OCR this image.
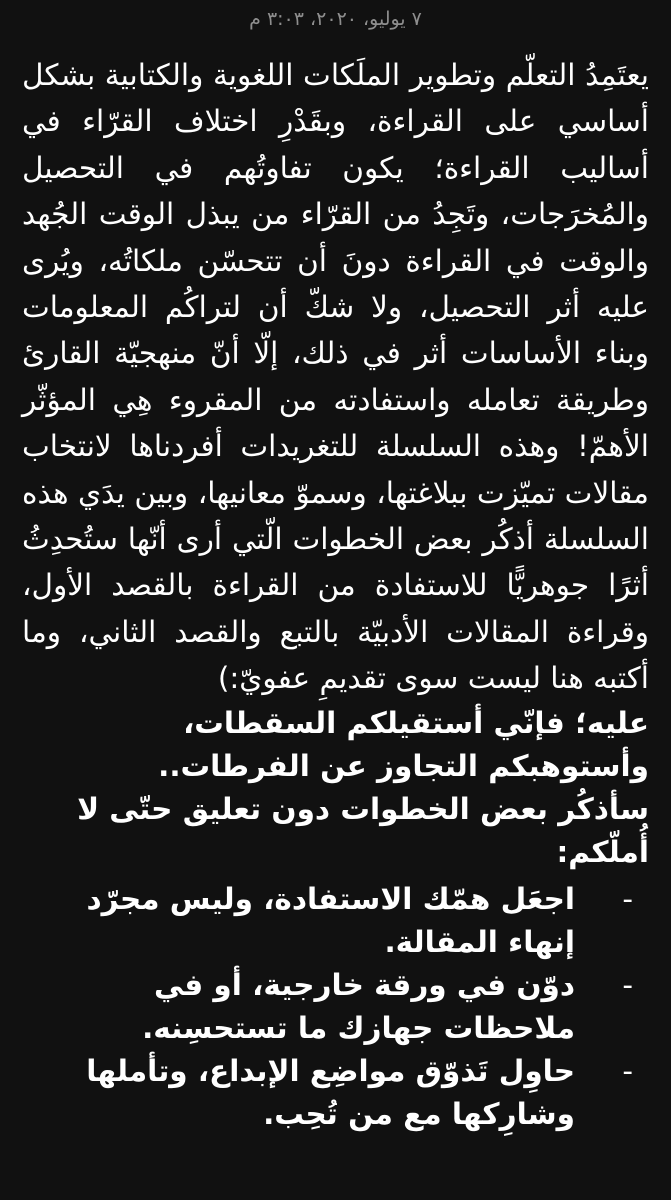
٧ يوليو، ٢٠٢٠، ٣:٠٣ م

يعتَمِدُ التعلّم وتطوير الملَكات اللغوية والكتابية بشكل أساسي على القراءة، وبقَدْرِ اختلاف القرّاء في أساليب القراءة؛ يكون تفاوتُهم في التحصيل والمُخرَجات، وتَجِدُ من القرّاء من يبذل الوقت الجُهد والوقت في القراءة دونَ أن تتحسّن ملكاتُه، ويُرى عليه أثر التحصيل، ولا شكّ أن لتراكُم المعلومات وبناء الأساسات أثر في ذلك، إلّا أنّ منهجيّة القارئ وطريقة تعامله واستفادته من المقروء هِي المؤثّر الأهمّ! وهذه السلسلة للتغريدات أفردناها لانتخاب مقالات تميّزت ببلاغتها، وسموّ معانيها، وبين يدَي هذه السلسلة أذكُر بعض الخطوات الّتي أرى أنّها ستُحدِثُ أثرًا جوهريًّا للاستفادة من القراءة بالقصد الأول، وقراءة المقالات الأدبيّة بالتبع والقصد الثاني، وما أكتبه هنا ليست سوى تقديمِ عفويّ:)

عليه؛ فإنّي أستقيلكم السقطات، وأستوهبكم التجاوز عن الفرطات..

سأذكُر بعض الخطوات دون تعليق حتّى لا أُملّكم:

-
اجعَل همّك الاستفادة، وليس مجرّد إنهاء المقالة.
-
دوّن في ورقة خارجية، أو في ملاحظات جهازك ما تستحسِنه.
-
حاوِل تَذوّق مواضِع الإبداع، وتأملها وشارِكها مع من تُحِب.
